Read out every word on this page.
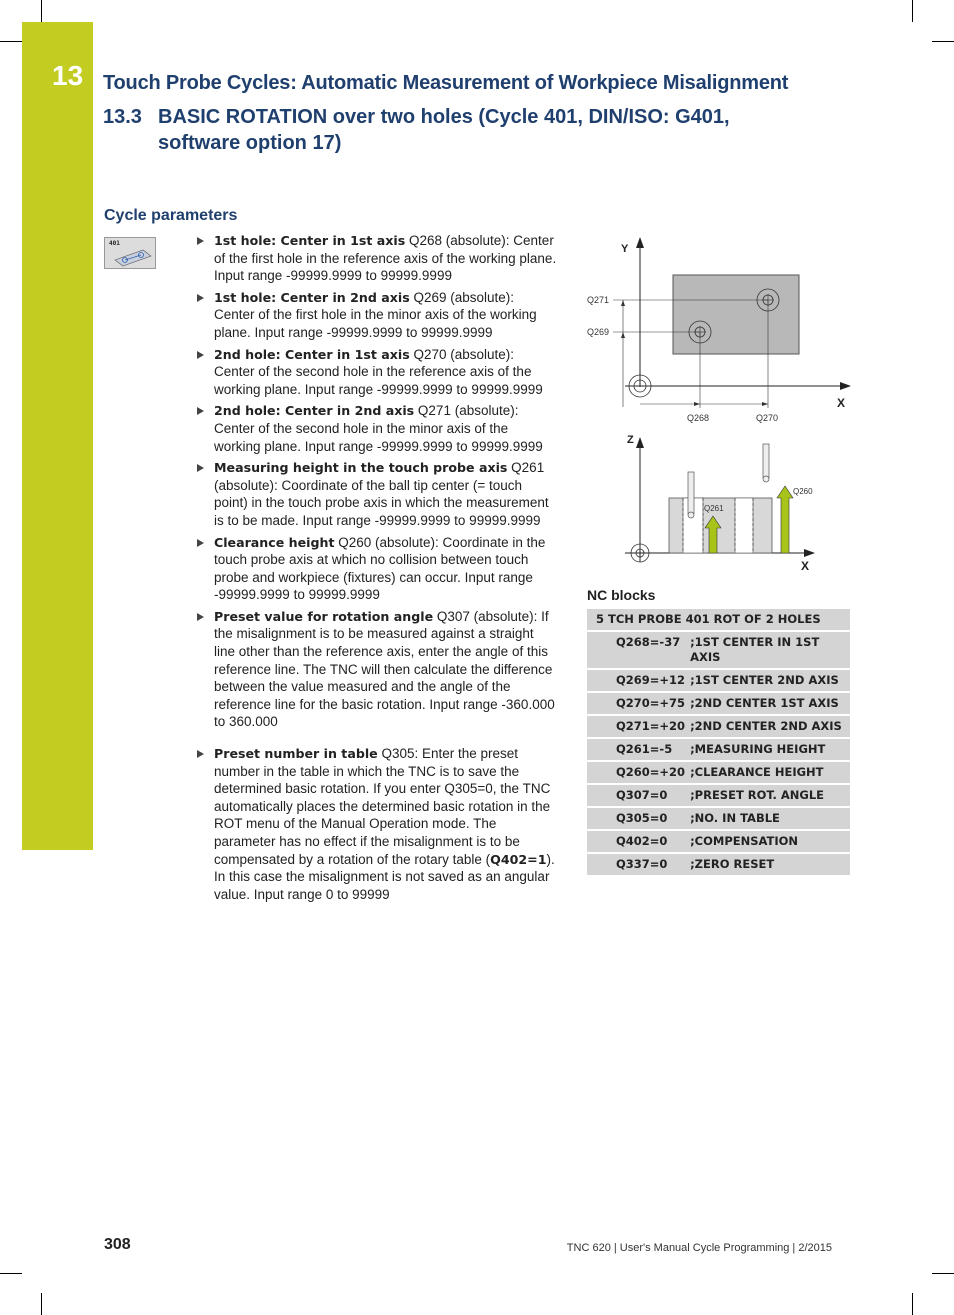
13 Touch Probe Cycles: Automatic Measurement of Workpiece Misalignment
13.3 BASIC ROTATION over two holes (Cycle 401, DIN/ISO: G401, software option 17)
Cycle parameters
401	1st hole: Center in 1st axis Q268 (absolute): Center of the first hole in the reference axis of the working plane. Input range -99999.9999 to 99999.9999
1st hole: Center in 2nd axis Q269 (absolute): Center of the first hole in the minor axis of the working plane. Input range -99999.9999 to 99999.9999
2nd hole: Center in 1st axis Q270 (absolute): Center of the second hole in the reference axis of the working plane. Input range -99999.9999 to 99999.9999
2nd hole: Center in 2nd axis Q271 (absolute): Center of the second hole in the minor axis of the working plane. Input range -99999.9999 to 99999.9999
Measuring height in the touch probe axis Q261 (absolute): Coordinate of the ball tip center (= touch point) in the touch probe axis in which the measurement is to be made. Input range -99999.9999 to 99999.9999
Clearance height Q260 (absolute): Coordinate in the touch probe axis at which no collision between touch probe and workpiece (fixtures) can occur. Input range -99999.9999 to 99999.9999
Preset value for rotation angle Q307 (absolute): If the misalignment is to be measured against a straight line other than the reference axis, enter the angle of this reference line. The TNC will then calculate the difference between the value measured and the angle of the reference line for the basic rotation. Input range -360.000 to 360.000
Preset number in table Q305: Enter the preset number in the table in which the TNC is to save the determined basic rotation. If you enter Q305=0, the TNC automatically places the determined basic rotation in the ROT menu of the Manual Operation mode. The parameter has no effect if the misalignment is to be compensated by a rotation of the rotary table (Q402=1). In this case the misalignment is not saved as an angular value. Input range 0 to 99999
Y
X
Q271
Q269
Q268	Q270
Z
X
Q261
Q260
NC blocks
5 TCH PROBE 401 ROT OF 2 HOLES	
Q268=-37	;1ST CENTER IN 1ST AXIS
Q269=+12	;1ST CENTER 2ND AXIS
Q270=+75	;2ND CENTER 1ST AXIS
Q271=+20	;2ND CENTER 2ND AXIS
Q261=-5	;MEASURING HEIGHT
Q260=+20	;CLEARANCE HEIGHT
Q307=0	;PRESET ROT. ANGLE
Q305=0	;NO. IN TABLE
Q402=0	;COMPENSATION
Q337=0	;ZERO RESET
308	TNC 620 | User's Manual Cycle Programming | 2/2015
